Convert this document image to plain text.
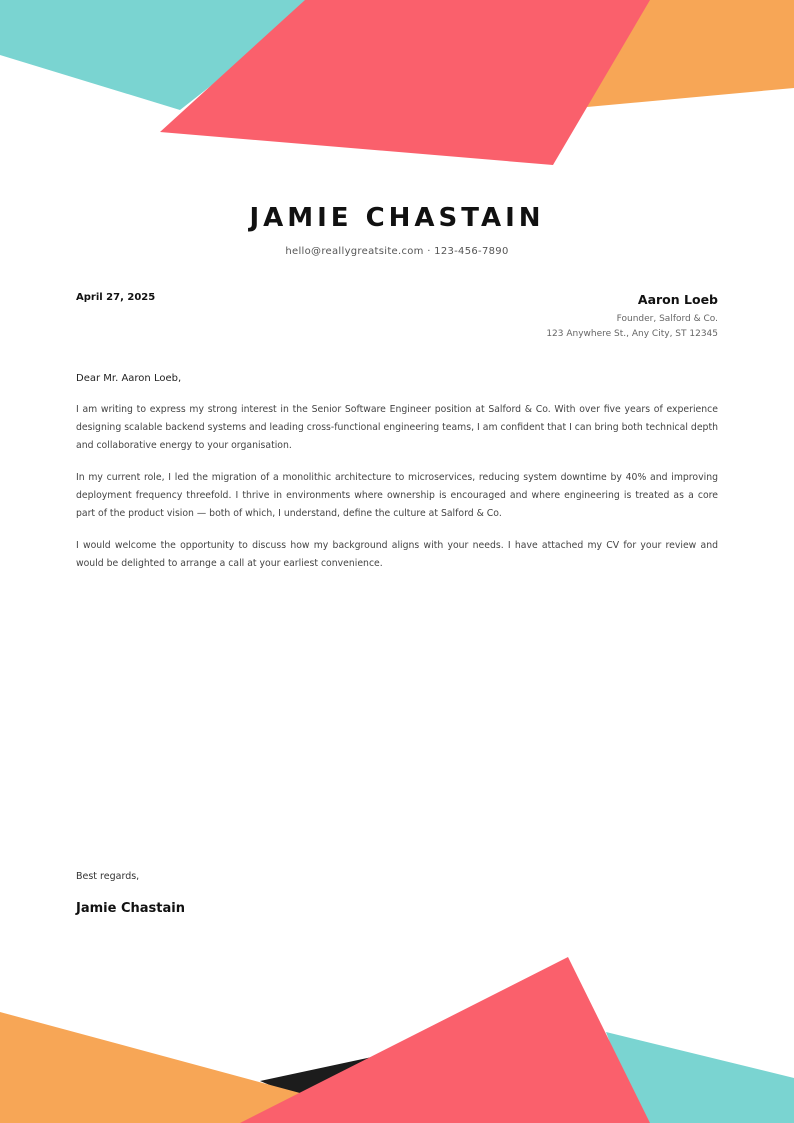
JAMIE CHASTAIN
hello@reallygreatsite.com · 123-456-7890
April 27, 2025	Aaron Loeb
Founder, Salford & Co.
123 Anywhere St., Any City, ST 12345
Dear Mr. Aaron Loeb,

I am writing to express my strong interest in the Senior Software Engineer position at Salford & Co. With over five years of experience designing scalable backend systems and leading cross-functional engineering teams, I am confident that I can bring both technical depth and collaborative energy to your organisation.

In my current role, I led the migration of a monolithic architecture to microservices, reducing system downtime by 40% and improving deployment frequency threefold. I thrive in environments where ownership is encouraged and where engineering is treated as a core part of the product vision — both of which, I understand, define the culture at Salford & Co.

I would welcome the opportunity to discuss how my background aligns with your needs. I have attached my CV for your review and would be delighted to arrange a call at your earliest convenience.

Best regards,
Jamie Chastain
